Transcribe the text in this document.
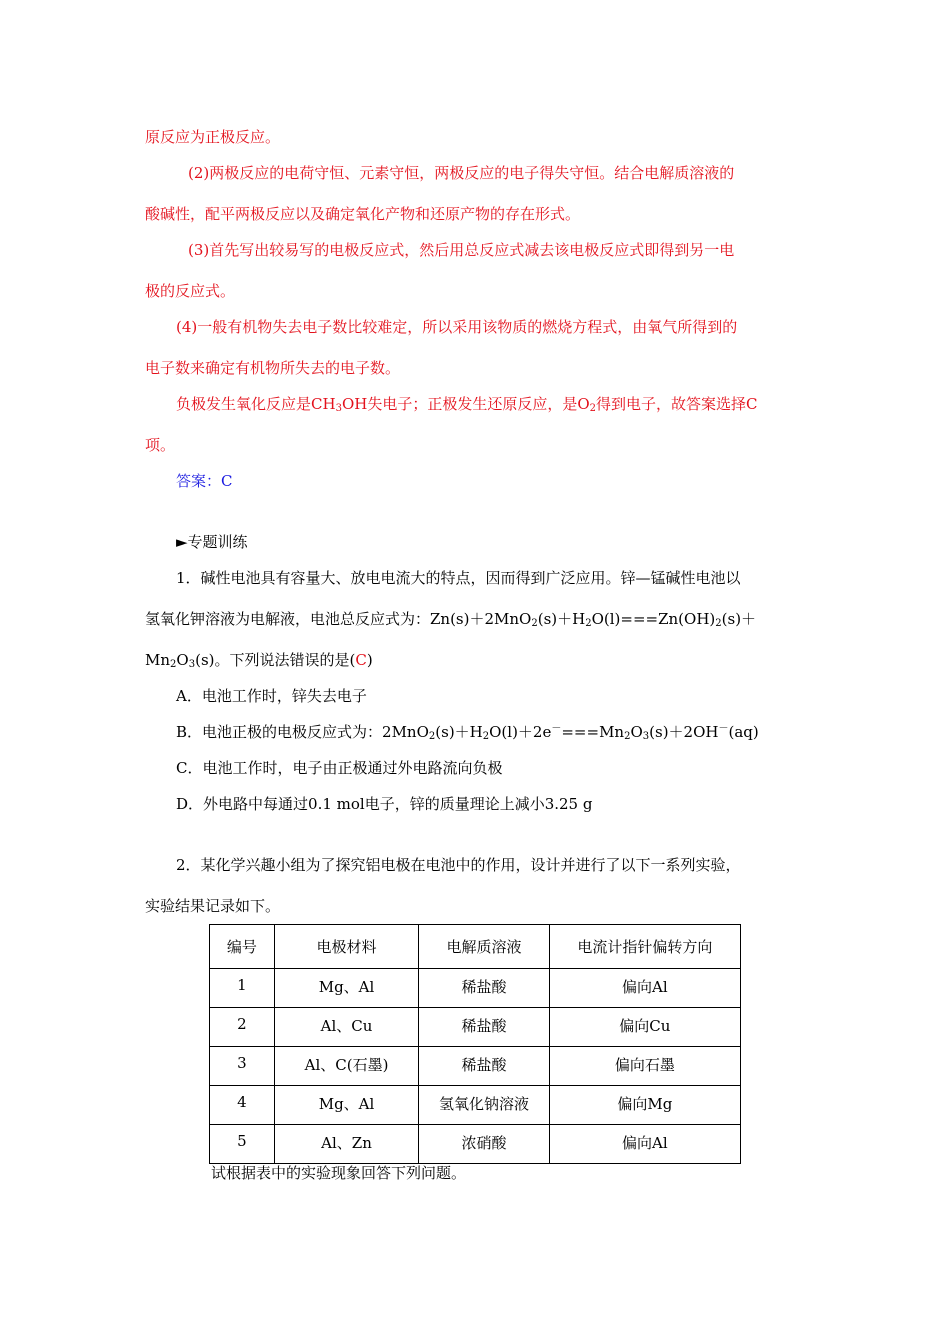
原反应为正极反应。
(2)两极反应的电荷守恒、元素守恒，两极反应的电子得失守恒。结合电解质溶液的
酸碱性，配平两极反应以及确定氧化产物和还原产物的存在形式。
(3)首先写出较易写的电极反应式，然后用总反应式减去该电极反应式即得到另一电
极的反应式。
(4)一般有机物失去电子数比较难定，所以采用该物质的燃烧方程式，由氧气所得到的
电子数来确定有机物所失去的电子数。
负极发生氧化反应是$CH_3OH$失电子；正极发生还原反应，是$O_2$得到电子，故答案选择C
项。
答案：C
►专题训练
1．碱性电池具有容量大、放电电流大的特点，因而得到广泛应用。锌—锰碱性电池以
氢氧化钾溶液为电解液，电池总反应式为：$Zn(s)+2MnO_2(s)+H_2O(l)===Zn(OH)_2(s)+$
$Mn_2O_3(s)$。下列说法错误的是(C)
A．电池工作时，锌失去电子
B．电池正极的电极反应式为：$2MnO_2(s)+H_2O(l)+2e^-===Mn_2O_3(s)+2OH^-(aq)$
C．电池工作时，电子由正极通过外电路流向负极
D．外电路中每通过0.1 mol电子，锌的质量理论上减小3.25 g
2．某化学兴趣小组为了探究铝电极在电池中的作用，设计并进行了以下一系列实验，
实验结果记录如下。
编号	电极材料	电解质溶液	电流计指针偏转方向
1	Mg、Al	稀盐酸	偏向Al
2	Al、Cu	稀盐酸	偏向Cu
3	Al、C(石墨)	稀盐酸	偏向石墨
4	Mg、Al	氢氧化钠溶液	偏向Mg
5	Al、Zn	浓硝酸	偏向Al
试根据表中的实验现象回答下列问题。
